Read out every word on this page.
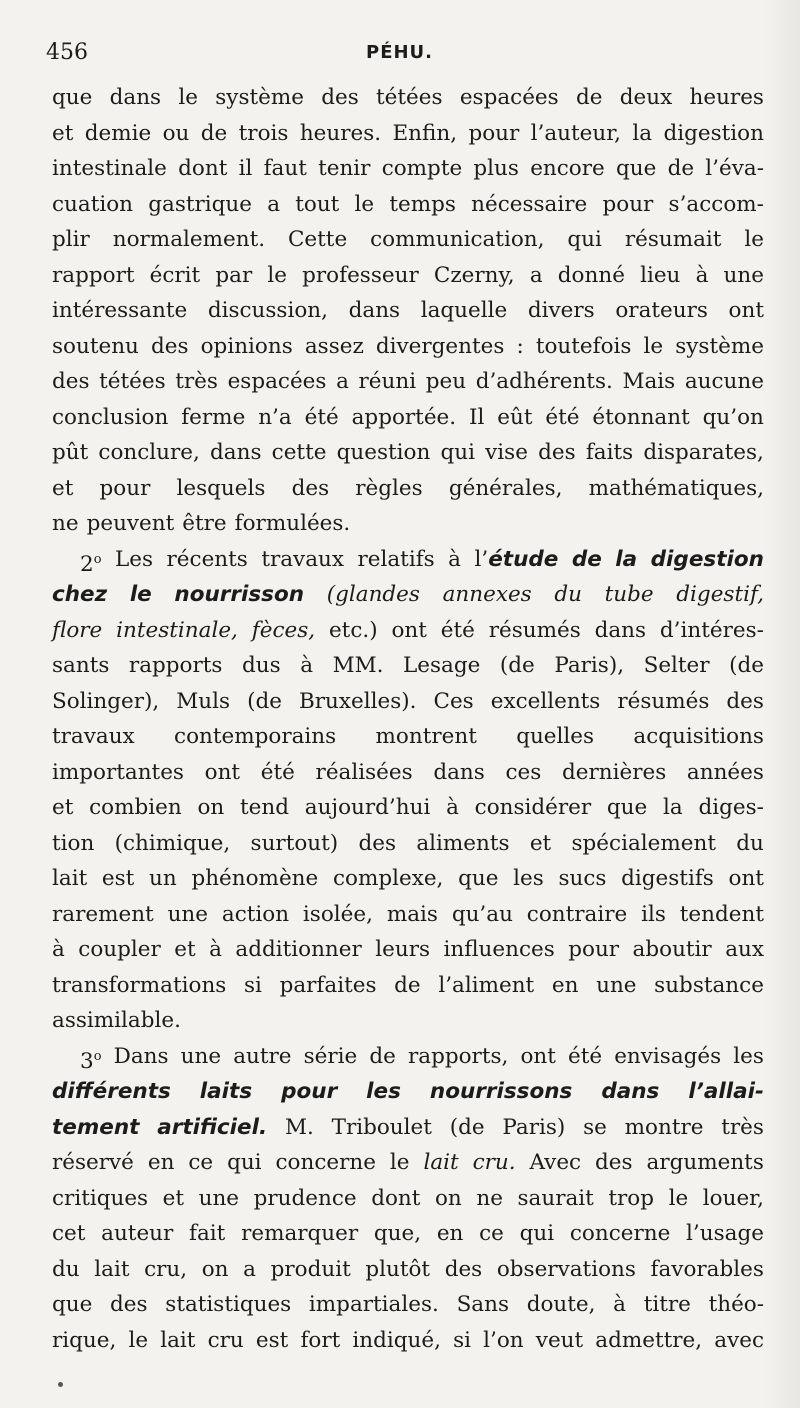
456	PÉHU.
que dans le système des tétées espacées de deux heures
et demie ou de trois heures. Enfin, pour l’auteur, la digestion
intestinale dont il faut tenir compte plus encore que de l’éva-
cuation gastrique a tout le temps nécessaire pour s’accom-
plir normalement. Cette communication, qui résumait le
rapport écrit par le professeur Czerny, a donné lieu à une
intéressante discussion, dans laquelle divers orateurs ont
soutenu des opinions assez divergentes : toutefois le système
des tétées très espacées a réuni peu d’adhérents. Mais aucune
conclusion ferme n’a été apportée. Il eût été étonnant qu’on
pût conclure, dans cette question qui vise des faits disparates,
et pour lesquels des règles générales, mathématiques,
ne peuvent être formulées.
2$^o$ Les récents travaux relatifs à l’étude de la digestion
chez le nourrisson (glandes annexes du tube digestif,
flore intestinale, fèces, etc.) ont été résumés dans d’intéres-
sants rapports dus à MM. Lesage (de Paris), Selter (de
Solinger), Muls (de Bruxelles). Ces excellents résumés des
travaux contemporains montrent quelles acquisitions
importantes ont été réalisées dans ces dernières années
et combien on tend aujourd’hui à considérer que la diges-
tion (chimique, surtout) des aliments et spécialement du
lait est un phénomène complexe, que les sucs digestifs ont
rarement une action isolée, mais qu’au contraire ils tendent
à coupler et à additionner leurs influences pour aboutir aux
transformations si parfaites de l’aliment en une substance
assimilable.
3$^o$ Dans une autre série de rapports, ont été envisagés les
différents laits pour les nourrissons dans l’allai-
tement artificiel. M. Triboulet (de Paris) se montre très
réservé en ce qui concerne le lait cru. Avec des arguments
critiques et une prudence dont on ne saurait trop le louer,
cet auteur fait remarquer que, en ce qui concerne l’usage
du lait cru, on a produit plutôt des observations favorables
que des statistiques impartiales. Sans doute, à titre théo-
rique, le lait cru est fort indiqué, si l’on veut admettre, avec
